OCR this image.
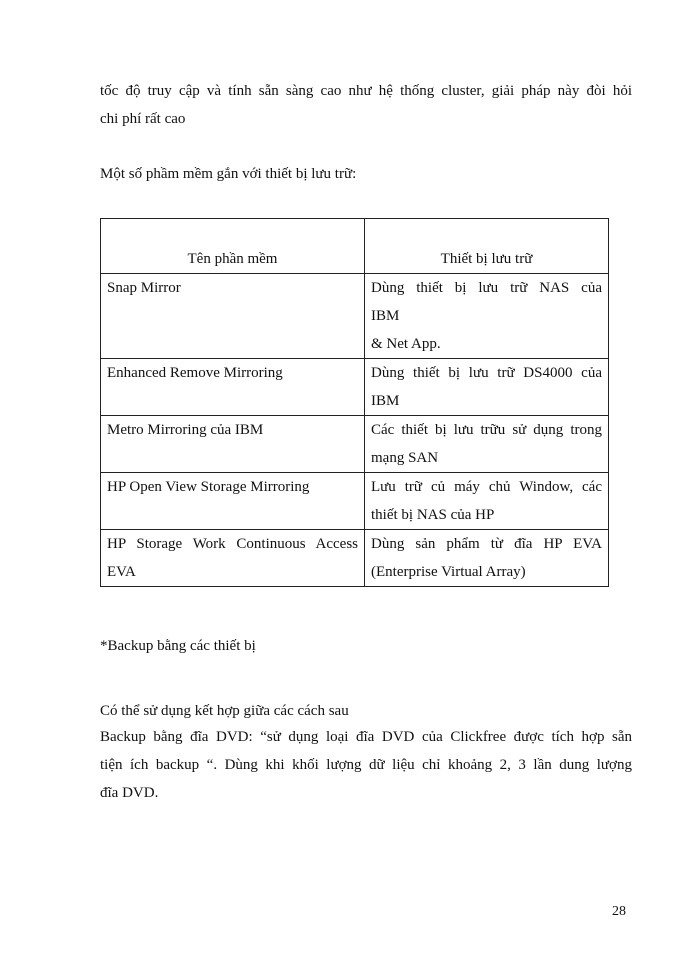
tốc độ truy cập và tính sẵn sàng cao như hệ thống cluster, giải pháp này đòi hỏi
chi phí rất cao
Một số phầm mềm gắn với thiết bị lưu trữ:
Tên phần mềm	Thiết bị lưu trữ

Snap Mirror	Dùng thiết bị lưu trữ NAS của
IBM
& Net App.

Enhanced Remove Mirroring	Dùng thiết bị lưu trữ DS4000 của
IBM

Metro Mirroring của IBM	Các thiết bị lưu trữu sử dụng trong
mạng SAN

HP Open View Storage Mirroring	Lưu trữ củ máy chủ Window, các
thiết bị NAS của HP

HP Storage Work Continuous Access
EVA	Dùng sản phẩm từ đĩa HP EVA
(Enterprise Virtual Array)
*Backup bằng các thiết bị
Có thể sử dụng kết hợp giữa các cách sau
Backup bằng đĩa DVD: “sử dụng loại đĩa DVD của Clickfree được tích hợp sẵn
tiện ích backup “. Dùng khi khối lượng dữ liệu chỉ khoảng 2, 3 lần dung lượng
đĩa DVD.
28
